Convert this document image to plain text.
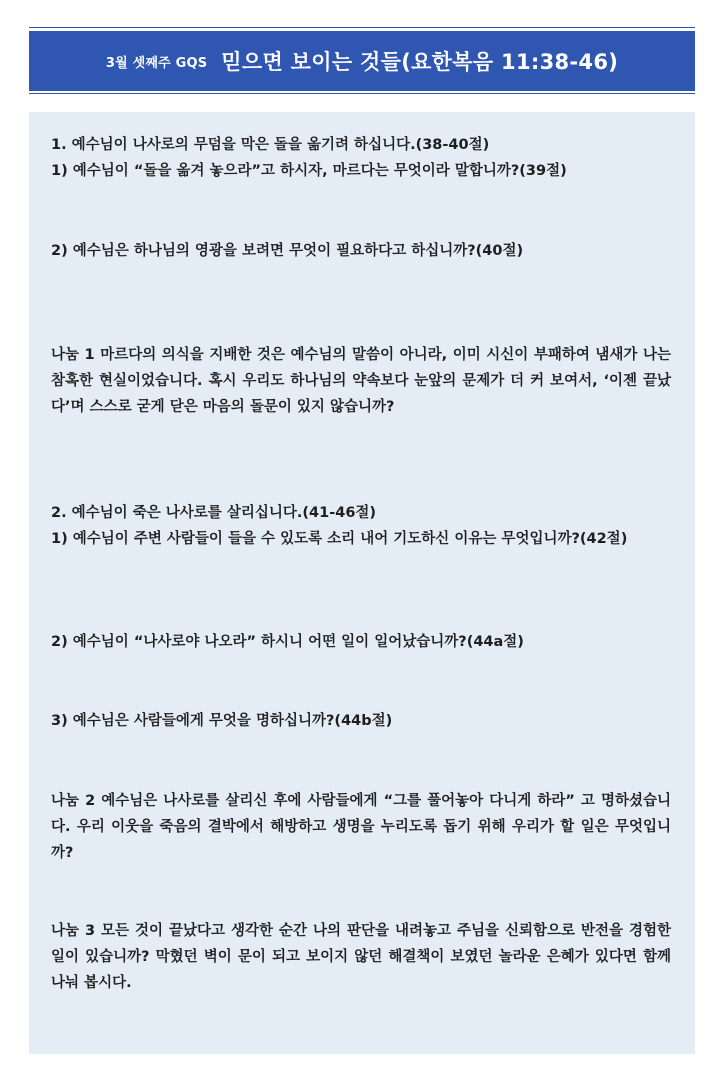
3월 셋째주 GQS 믿으면 보이는 것들(요한복음 11:38-46)
1. 예수님이 나사로의 무덤을 막은 돌을 옮기려 하십니다.(38-40절)
1) 예수님이 “돌을 옮겨 놓으라”고 하시자, 마르다는 무엇이라 말합니까?(39절)
2) 예수님은 하나님의 영광을 보려면 무엇이 필요하다고 하십니까?(40절)
나눔 1 마르다의 의식을 지배한 것은 예수님의 말씀이 아니라, 이미 시신이 부패하여 냄새가 나는 참혹한 현실이었습니다. 혹시 우리도 하나님의 약속보다 눈앞의 문제가 더 커 보여서, ‘이젠 끝났다’며 스스로 굳게 닫은 마음의 돌문이 있지 않습니까?
2. 예수님이 죽은 나사로를 살리십니다.(41-46절)
1) 예수님이 주변 사람들이 들을 수 있도록 소리 내어 기도하신 이유는 무엇입니까?(42절)
2) 예수님이 “나사로야 나오라” 하시니 어떤 일이 일어났습니까?(44a절)
3) 예수님은 사람들에게 무엇을 명하십니까?(44b절)
나눔 2 예수님은 나사로를 살리신 후에 사람들에게 “그를 풀어놓아 다니게 하라” 고 명하셨습니다. 우리 이웃을 죽음의 결박에서 해방하고 생명을 누리도록 돕기 위해 우리가 할 일은 무엇입니까?
나눔 3 모든 것이 끝났다고 생각한 순간 나의 판단을 내려놓고 주님을 신뢰함으로 반전을 경험한 일이 있습니까? 막혔던 벽이 문이 되고 보이지 않던 해결책이 보였던 놀라운 은혜가 있다면 함께 나눠 봅시다.
